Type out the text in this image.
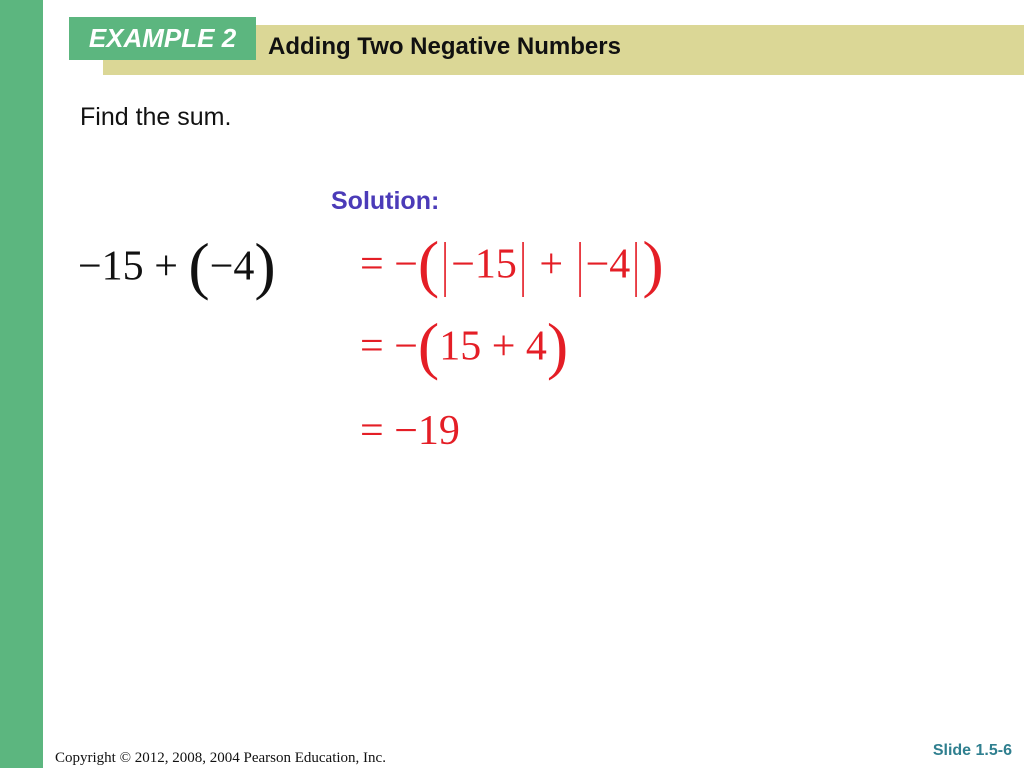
EXAMPLE 2	Adding Two Negative Numbers
Find the sum.
−15 + (−4)
Solution:
= −(|−15| + |−4|)
= −(15 + 4)
= −19
Copyright © 2012, 2008, 2004 Pearson Education, Inc.	Slide 1.5-6
